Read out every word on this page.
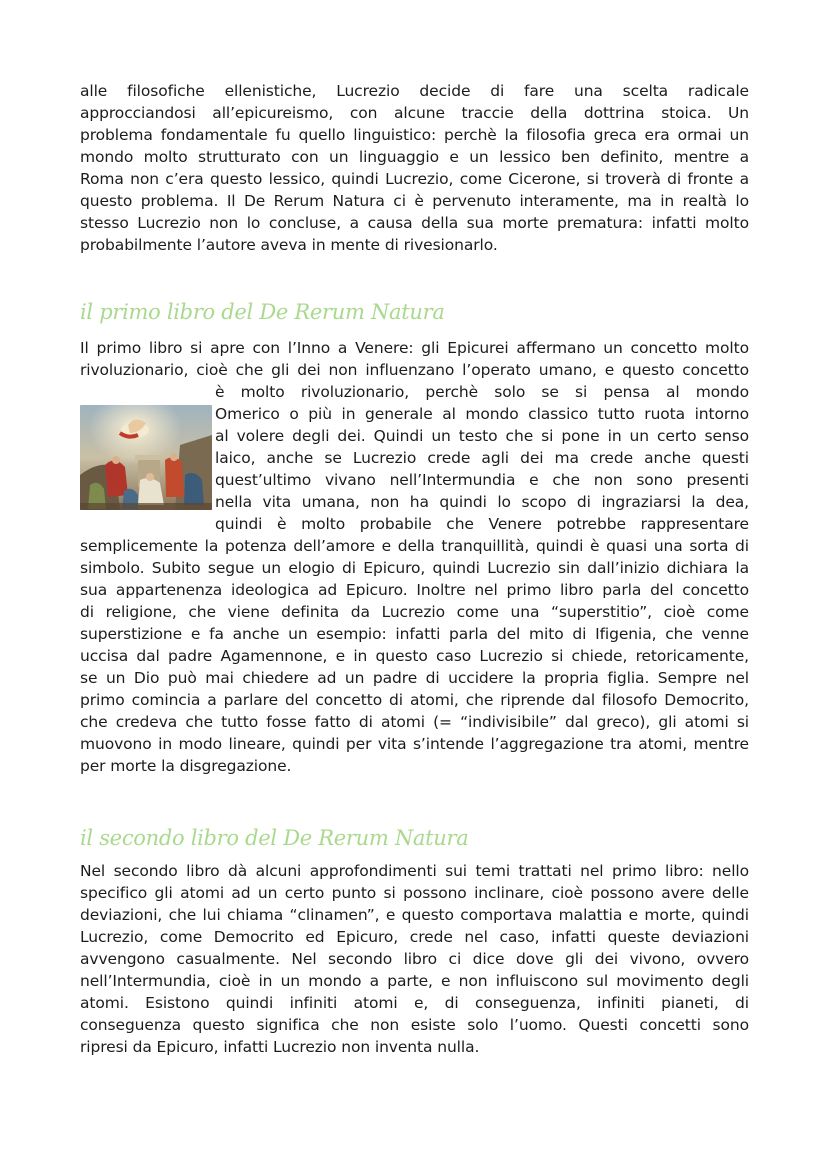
alle filosofiche ellenistiche, Lucrezio decide di fare una scelta radicale
approcciandosi all’epicureismo, con alcune traccie della dottrina stoica. Un
problema fondamentale fu quello linguistico: perchè la filosofia greca era ormai un
mondo molto strutturato con un linguaggio e un lessico ben definito, mentre a
Roma non c’era questo lessico, quindi Lucrezio, come Cicerone, si troverà di fronte a
questo problema. Il De Rerum Natura ci è pervenuto interamente, ma in realtà lo
stesso Lucrezio non lo concluse, a causa della sua morte prematura: infatti molto
probabilmente l’autore aveva in mente di rivesionarlo.
il primo libro del De Rerum Natura
Il primo libro si apre con l’Inno a Venere: gli Epicurei affermano un concetto molto
rivoluzionario, cioè che gli dei non influenzano l’operato umano, e questo concetto
è molto rivoluzionario, perchè solo se si pensa al mondo
Omerico o più in generale al mondo classico tutto ruota intorno
al volere degli dei. Quindi un testo che si pone in un certo senso
laico, anche se Lucrezio crede agli dei ma crede anche questi
quest’ultimo vivano nell’Intermundia e che non sono presenti
nella vita umana, non ha quindi lo scopo di ingraziarsi la dea,
quindi è molto probabile che Venere potrebbe rappresentare
semplicemente la potenza dell’amore e della tranquillità, quindi è quasi una sorta di
simbolo. Subito segue un elogio di Epicuro, quindi Lucrezio sin dall’inizio dichiara la
sua appartenenza ideologica ad Epicuro. Inoltre nel primo libro parla del concetto
di religione, che viene definita da Lucrezio come una “superstitio”, cioè come
superstizione e fa anche un esempio: infatti parla del mito di Ifigenia, che venne
uccisa dal padre Agamennone, e in questo caso Lucrezio si chiede, retoricamente,
se un Dio può mai chiedere ad un padre di uccidere la propria figlia. Sempre nel
primo comincia a parlare del concetto di atomi, che riprende dal filosofo Democrito,
che credeva che tutto fosse fatto di atomi (= “indivisibile” dal greco), gli atomi si
muovono in modo lineare, quindi per vita s’intende l’aggregazione tra atomi, mentre
per morte la disgregazione.
il secondo libro del De Rerum Natura
Nel secondo libro dà alcuni approfondimenti sui temi trattati nel primo libro: nello
specifico gli atomi ad un certo punto si possono inclinare, cioè possono avere delle
deviazioni, che lui chiama “clinamen”, e questo comportava malattia e morte, quindi
Lucrezio, come Democrito ed Epicuro, crede nel caso, infatti queste deviazioni
avvengono casualmente. Nel secondo libro ci dice dove gli dei vivono, ovvero
nell’Intermundia, cioè in un mondo a parte, e non influiscono sul movimento degli
atomi. Esistono quindi infiniti atomi e, di conseguenza, infiniti pianeti, di
conseguenza questo significa che non esiste solo l’uomo. Questi concetti sono
ripresi da Epicuro, infatti Lucrezio non inventa nulla.
